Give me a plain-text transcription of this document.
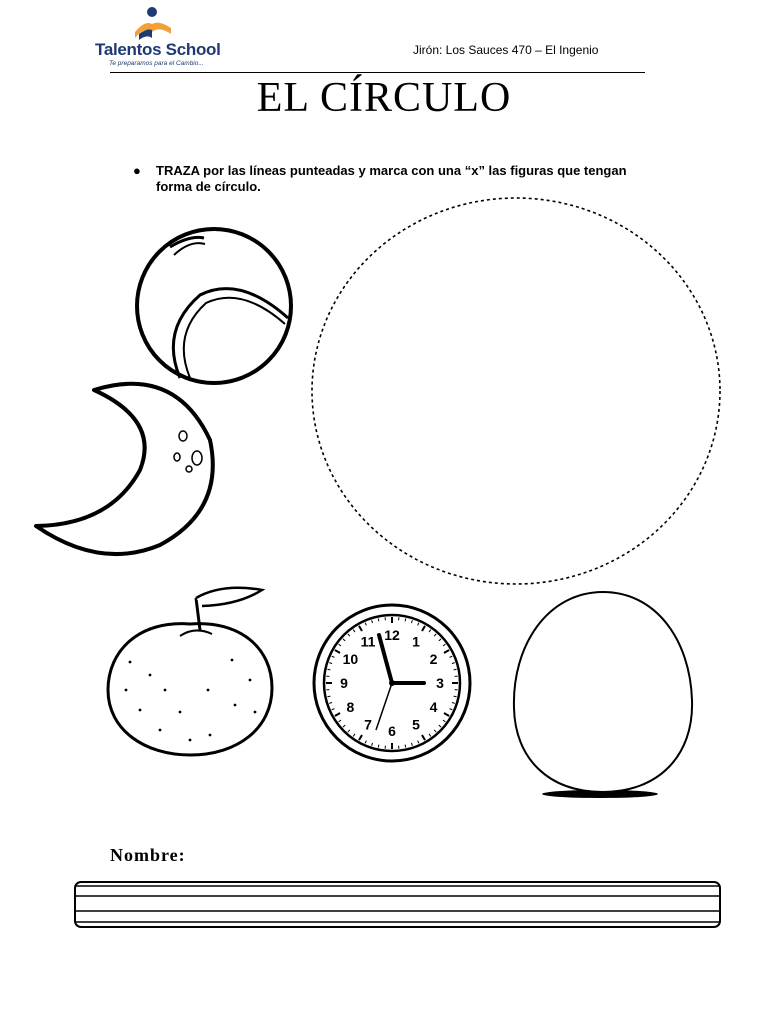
Talentos School
Te preparamos para el Cambio...
Jirón: Los Sauces 470 – El Ingenio
EL CÍRCULO
● TRAZA por las líneas punteadas y marca con una “x” las figuras que tengan forma de círculo.
12 1
2
3
4
5
6
7
8
9
10
11
Nombre:
